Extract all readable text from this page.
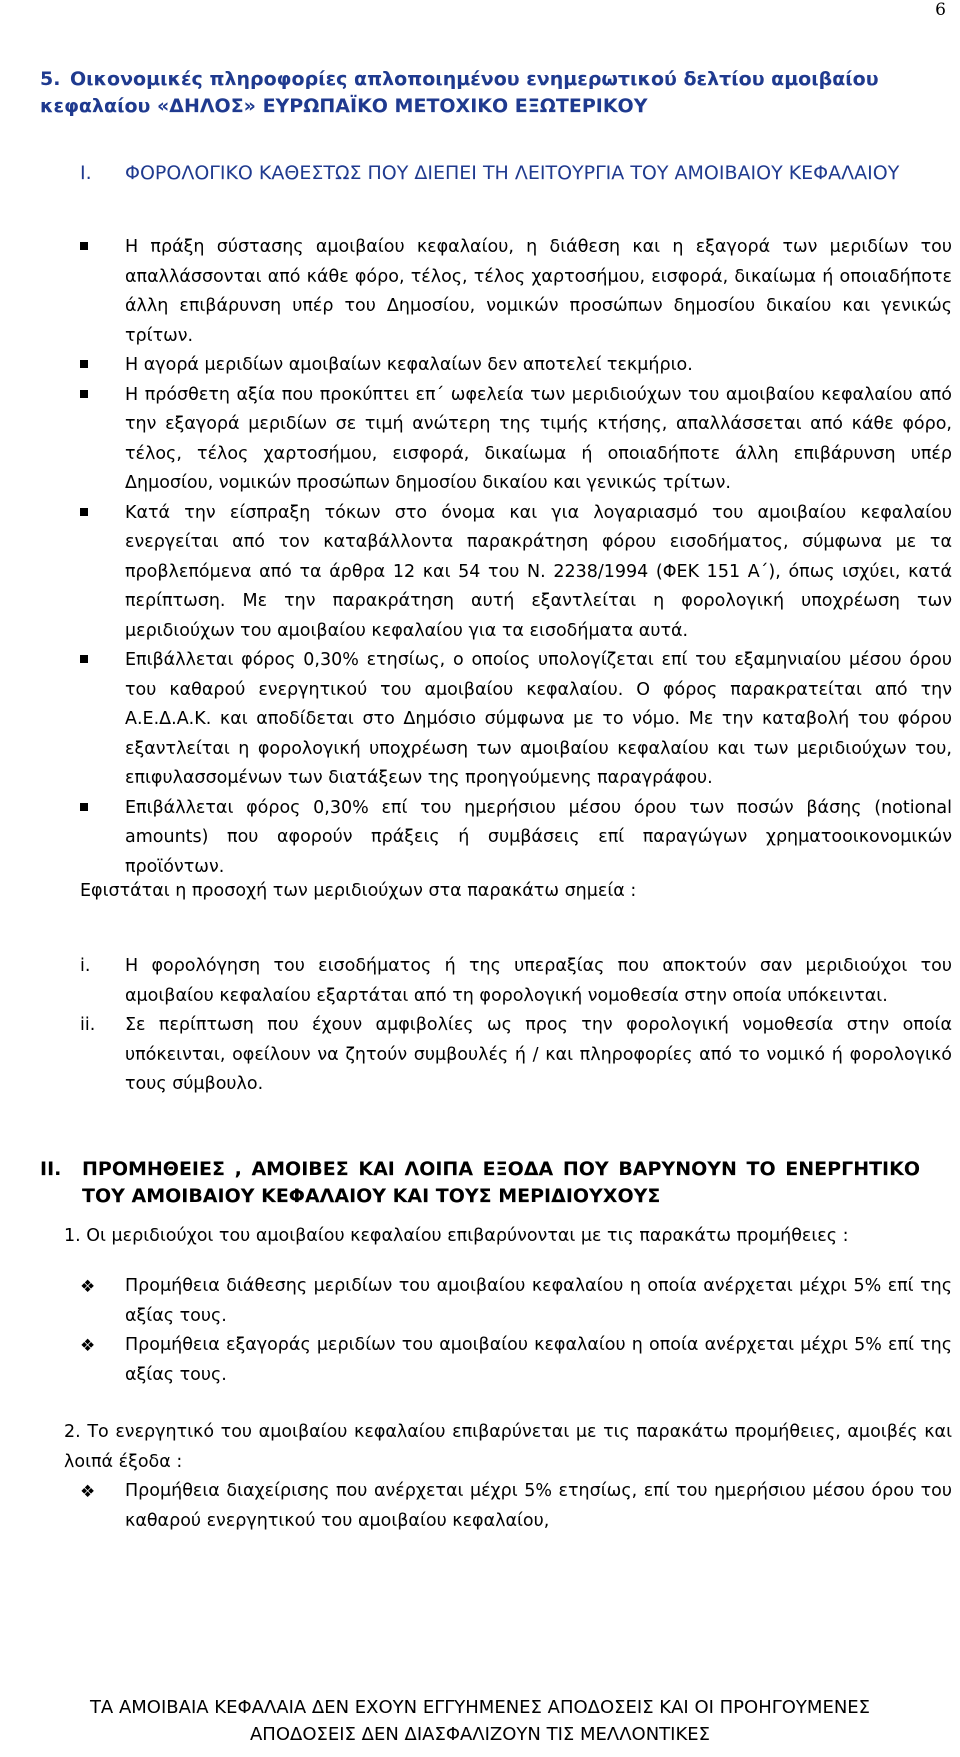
6
5. Οικονομικές πληροφορίες απλοποιημένου ενημερωτικού δελτίου αμοιβαίου κεφαλαίου «ΔΗΛΟΣ» ΕΥΡΩΠΑΪΚΟ ΜΕΤΟΧΙΚΟ ΕΞΩΤΕΡΙΚΟΥ
Ι. ΦΟΡΟΛΟΓΙΚΟ ΚΑΘΕΣΤΩΣ ΠΟΥ ΔΙΕΠΕΙ ΤΗ ΛΕΙΤΟΥΡΓΙΑ ΤΟΥ ΑΜΟΙΒΑΙΟΥ ΚΕΦΑΛΑΙΟΥ
Η πράξη σύστασης αμοιβαίου κεφαλαίου, η διάθεση και η εξαγορά των μεριδίων του απαλλάσσονται από κάθε φόρο, τέλος, τέλος χαρτοσήμου, εισφορά, δικαίωμα ή οποιαδήποτε άλλη επιβάρυνση υπέρ του Δημοσίου, νομικών προσώπων δημοσίου δικαίου και γενικώς τρίτων.
Η αγορά μεριδίων αμοιβαίων κεφαλαίων δεν αποτελεί τεκμήριο.
Η πρόσθετη αξία που προκύπτει επ΄ ωφελεία των μεριδιούχων του αμοιβαίου κεφαλαίου από την εξαγορά μεριδίων σε τιμή ανώτερη της τιμής κτήσης, απαλλάσσεται από κάθε φόρο, τέλος, τέλος χαρτοσήμου, εισφορά, δικαίωμα ή οποιαδήποτε άλλη επιβάρυνση υπέρ Δημοσίου, νομικών προσώπων δημοσίου δικαίου και γενικώς τρίτων.
Κατά την είσπραξη τόκων στο όνομα και για λογαριασμό του αμοιβαίου κεφαλαίου ενεργείται από τον καταβάλλοντα παρακράτηση φόρου εισοδήματος, σύμφωνα με τα προβλεπόμενα από τα άρθρα 12 και 54 του Ν. 2238/1994 (ΦΕΚ 151 Α΄), όπως ισχύει, κατά περίπτωση. Με την παρακράτηση αυτή εξαντλείται η φορολογική υποχρέωση των μεριδιούχων του αμοιβαίου κεφαλαίου για τα εισοδήματα αυτά.
Επιβάλλεται φόρος 0,30% ετησίως, ο οποίος υπολογίζεται επί του εξαμηνιαίου μέσου όρου του καθαρού ενεργητικού του αμοιβαίου κεφαλαίου. Ο φόρος παρακρατείται από την Α.Ε.Δ.Α.Κ. και αποδίδεται στο Δημόσιο σύμφωνα με το νόμο. Με την καταβολή του φόρου εξαντλείται η φορολογική υποχρέωση των αμοιβαίου κεφαλαίου και των μεριδιούχων του, επιφυλασσομένων των διατάξεων της προηγούμενης παραγράφου.
Επιβάλλεται φόρος 0,30% επί του ημερήσιου μέσου όρου των ποσών βάσης (notional amounts) που αφορούν πράξεις ή συμβάσεις επί παραγώγων χρηματοοικονομικών προϊόντων.
Εφιστάται η προσοχή των μεριδιούχων στα παρακάτω σημεία :
i. Η φορολόγηση του εισοδήματος ή της υπεραξίας που αποκτούν σαν μεριδιούχοι του αμοιβαίου κεφαλαίου εξαρτάται από τη φορολογική νομοθεσία στην οποία υπόκεινται.
ii. Σε περίπτωση που έχουν αμφιβολίες ως προς την φορολογική νομοθεσία στην οποία υπόκεινται, οφείλουν να ζητούν συμβουλές ή / και πληροφορίες από το νομικό ή φορολογικό τους σύμβουλο.
ΙΙ.	ΠΡΟΜΗΘΕΙΕΣ , ΑΜΟΙΒΕΣ ΚΑΙ ΛΟΙΠΑ ΕΞΟΔΑ ΠΟΥ ΒΑΡΥΝΟΥΝ ΤΟ ΕΝΕΡΓΗΤΙΚΟ ΤΟΥ ΑΜΟΙΒΑΙΟΥ ΚΕΦΑΛΑΙΟΥ ΚΑΙ ΤΟΥΣ ΜΕΡΙΔΙΟΥΧΟΥΣ
1. Οι μεριδιούχοι του αμοιβαίου κεφαλαίου επιβαρύνονται με τις παρακάτω προμήθειες :
❖ Προμήθεια διάθεσης μεριδίων του αμοιβαίου κεφαλαίου η οποία ανέρχεται μέχρι 5% επί της αξίας τους.
❖ Προμήθεια εξαγοράς μεριδίων του αμοιβαίου κεφαλαίου η οποία ανέρχεται μέχρι 5% επί της αξίας τους.
2. Το ενεργητικό του αμοιβαίου κεφαλαίου επιβαρύνεται με τις παρακάτω προμήθειες, αμοιβές και λοιπά έξοδα :
❖ Προμήθεια διαχείρισης που ανέρχεται μέχρι 5% ετησίως, επί του ημερήσιου μέσου όρου του καθαρού ενεργητικού του αμοιβαίου κεφαλαίου,
ΤΑ ΑΜΟΙΒΑΙΑ ΚΕΦΑΛΑΙΑ ΔΕΝ ΕΧΟΥΝ ΕΓΓΥΗΜΕΝΕΣ ΑΠΟΔΟΣΕΙΣ ΚΑΙ ΟΙ ΠΡΟΗΓΟΥΜΕΝΕΣ ΑΠΟΔΟΣΕΙΣ ΔΕΝ ΔΙΑΣΦΑΛΙΖΟΥΝ ΤΙΣ ΜΕΛΛΟΝΤΙΚΕΣ
